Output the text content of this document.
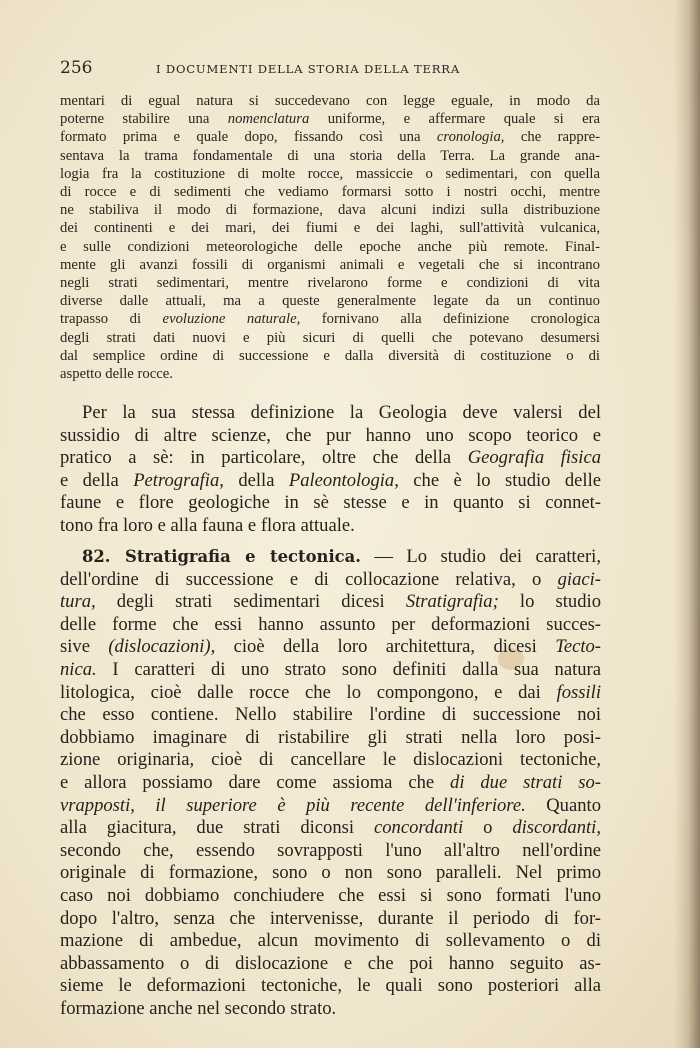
256	I DOCUMENTI DELLA STORIA DELLA TERRA
mentari di egual natura si succedevano con legge eguale, in modo da
poterne stabilire una nomenclatura uniforme, e affermare quale si era
formato prima e quale dopo, fissando così una cronologia, che rappre-
sentava la trama fondamentale di una storia della Terra. La grande ana-
logia fra la costituzione di molte rocce, massiccie o sedimentari, con quella
di rocce e di sedimenti che vediamo formarsi sotto i nostri occhi, mentre
ne stabiliva il modo di formazione, dava alcuni indizi sulla distribuzione
dei continenti e dei mari, dei fiumi e dei laghi, sull'attività vulcanica,
e sulle condizioni meteorologiche delle epoche anche più remote. Final-
mente gli avanzi fossili di organismi animali e vegetali che si incontrano
negli strati sedimentari, mentre rivelarono forme e condizioni di vita
diverse dalle attuali, ma a queste generalmente legate da un continuo
trapasso di evoluzione naturale, fornivano alla definizione cronologica
degli strati dati nuovi e più sicuri di quelli che potevano desumersi
dal semplice ordine di successione e dalla diversità di costituzione o di
aspetto delle rocce.
Per la sua stessa definizione la Geologia deve valersi del
sussidio di altre scienze, che pur hanno uno scopo teorico e
pratico a sè: in particolare, oltre che della Geografia fisica
e della Petrografia, della Paleontologia, che è lo studio delle
faune e flore geologiche in sè stesse e in quanto si connet-
tono fra loro e alla fauna e flora attuale.
82. Stratigrafia e tectonica. — Lo studio dei caratteri,
dell'ordine di successione e di collocazione relativa, o giaci-
tura, degli strati sedimentari dicesi Stratigrafia; lo studio
delle forme che essi hanno assunto per deformazioni succes-
sive (dislocazioni), cioè della loro architettura, dicesi Tecto-
nica. I caratteri di uno strato sono definiti dalla sua natura
litologica, cioè dalle rocce che lo compongono, e dai fossili
che esso contiene. Nello stabilire l'ordine di successione noi
dobbiamo imaginare di ristabilire gli strati nella loro posi-
zione originaria, cioè di cancellare le dislocazioni tectoniche,
e allora possiamo dare come assioma che di due strati so-
vrapposti, il superiore è più recente dell'inferiore. Quanto
alla giacitura, due strati diconsi concordanti o discordanti,
secondo che, essendo sovrapposti l'uno all'altro nell'ordine
originale di formazione, sono o non sono paralleli. Nel primo
caso noi dobbiamo conchiudere che essi si sono formati l'uno
dopo l'altro, senza che intervenisse, durante il periodo di for-
mazione di ambedue, alcun movimento di sollevamento o di
abbassamento o di dislocazione e che poi hanno seguito as-
sieme le deformazioni tectoniche, le quali sono posteriori alla
formazione anche nel secondo strato.
